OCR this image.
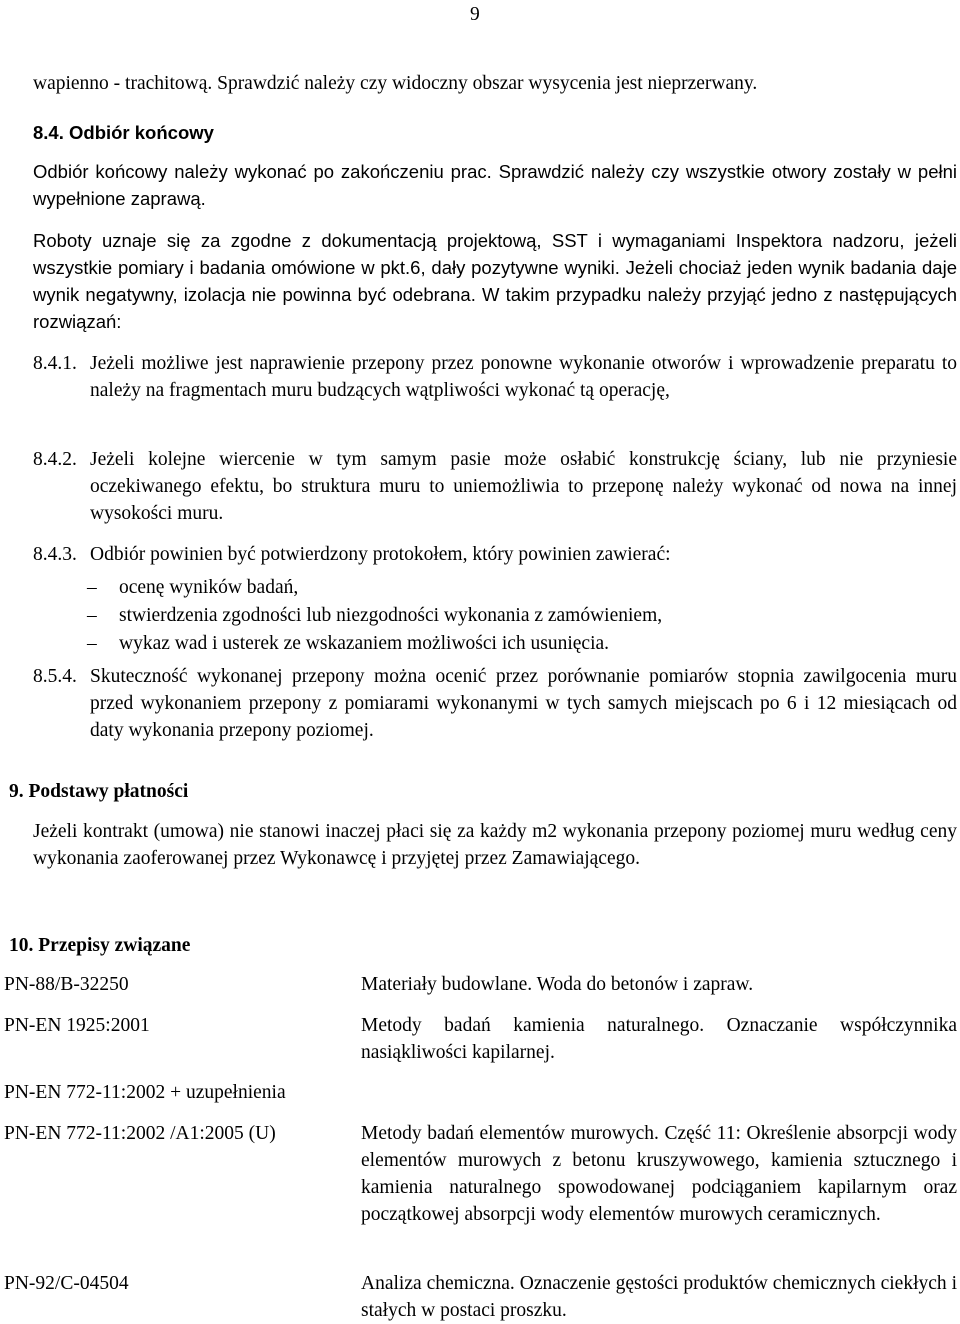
9

wapienno - trachitową. Sprawdzić należy czy widoczny obszar wysycenia jest nieprzerwany.

8.4. Odbiór końcowy

Odbiór końcowy należy wykonać po zakończeniu prac. Sprawdzić należy czy wszystkie otwory zostały w pełni wypełnione zaprawą.

Roboty uznaje się za zgodne z dokumentacją projektową, SST i wymaganiami Inspektora nadzoru, jeżeli wszystkie pomiary i badania omówione w pkt.6, dały pozytywne wyniki. Jeżeli chociaż jeden wynik badania daje wynik negatywny, izolacja nie powinna być odebrana. W takim przypadku należy przyjąć jedno z następujących rozwiązań:

8.4.1. Jeżeli możliwe jest naprawienie przepony przez ponowne wykonanie otworów i wprowadzenie preparatu to należy na fragmentach muru budzących wątpliwości wykonać tą operację,
8.4.2. Jeżeli kolejne wiercenie w tym samym pasie może osłabić konstrukcję ściany, lub nie przyniesie oczekiwanego efektu, bo struktura muru to uniemożliwia to przeponę należy wykonać od nowa na innej wysokości muru.
8.4.3. Odbiór powinien być potwierdzony protokołem, który powinien zawierać:
– ocenę wyników badań,
– stwierdzenia zgodności lub niezgodności wykonania z zamówieniem,
– wykaz wad i usterek ze wskazaniem możliwości ich usunięcia.
8.5.4. Skuteczność wykonanej przepony można ocenić przez porównanie pomiarów stopnia zawilgocenia muru przed wykonaniem przepony z pomiarami wykonanymi w tych samych miejscach po 6 i 12 miesiącach od daty wykonania przepony poziomej.
9. Podstawy płatności

Jeżeli kontrakt (umowa) nie stanowi inaczej płaci się za każdy m2 wykonania przepony poziomej muru według ceny wykonania zaoferowanej przez Wykonawcę i przyjętej przez Zamawiającego.

10. Przepisy związane
PN-88/B-32250	Materiały budowlane. Woda do betonów i zapraw.
PN-EN 1925:2001	Metody badań kamienia naturalnego. Oznaczanie współczynnika nasiąkliwości kapilarnej.
PN-EN 772-11:2002 + uzupełnienia
PN-EN 772-11:2002 /A1:2005 (U)	Metody badań elementów murowych. Część 11: Określenie absorpcji wody elementów murowych z betonu kruszywowego, kamienia sztucznego i kamienia naturalnego spowodowanej podciąganiem kapilarnym oraz początkowej absorpcji wody elementów murowych ceramicznych.
PN-92/C-04504	Analiza chemiczna. Oznaczenie gęstości produktów chemicznych ciekłych i stałych w postaci proszku.
